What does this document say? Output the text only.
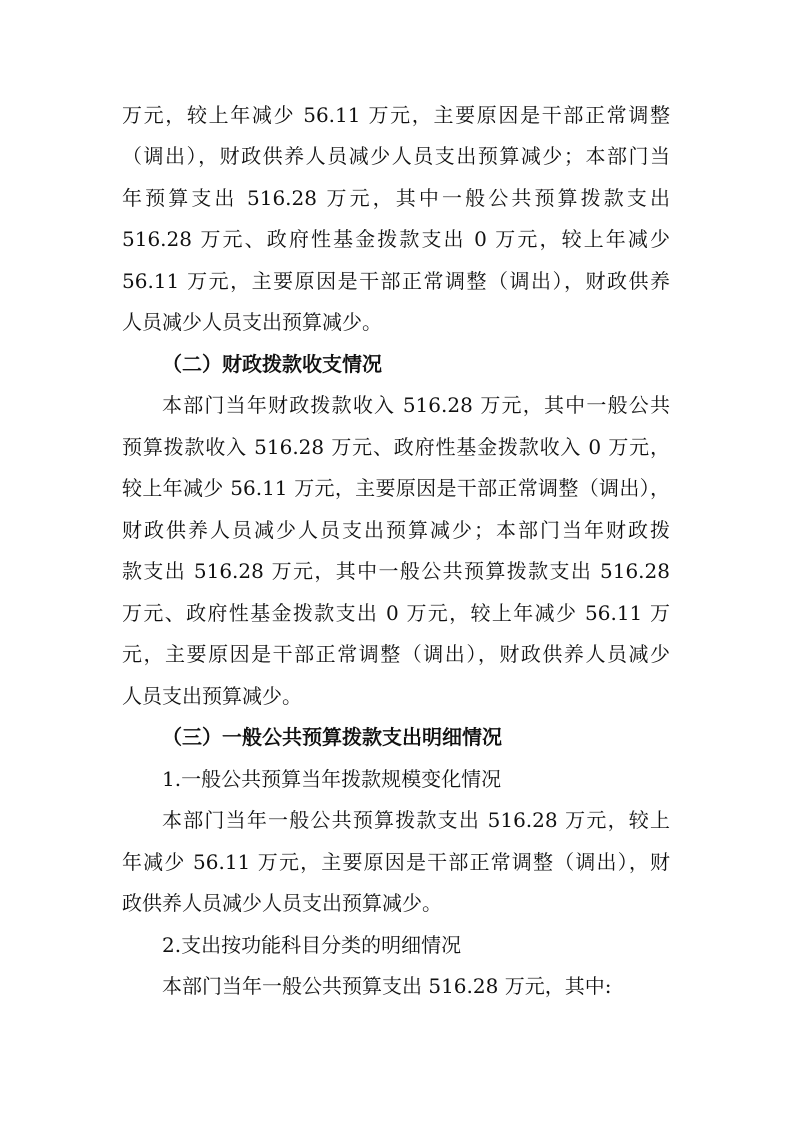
万元，较上年减少 56.11 万元，主要原因是干部正常调整
（调出），财政供养人员减少人员支出预算减少；本部门当
年预算支出 516.28 万元，其中一般公共预算拨款支出
516.28 万元、政府性基金拨款支出 0 万元，较上年减少
56.11 万元，主要原因是干部正常调整（调出），财政供养
人员减少人员支出预算减少。
（二）财政拨款收支情况
本部门当年财政拨款收入 516.28 万元，其中一般公共
预算拨款收入 516.28 万元、政府性基金拨款收入 0 万元，
较上年减少 56.11 万元，主要原因是干部正常调整（调出），
财政供养人员减少人员支出预算减少；本部门当年财政拨
款支出 516.28 万元，其中一般公共预算拨款支出 516.28
万元、政府性基金拨款支出 0 万元，较上年减少 56.11 万
元，主要原因是干部正常调整（调出），财政供养人员减少
人员支出预算减少。
（三）一般公共预算拨款支出明细情况
1.一般公共预算当年拨款规模变化情况
本部门当年一般公共预算拨款支出 516.28 万元，较上
年减少 56.11 万元，主要原因是干部正常调整（调出），财
政供养人员减少人员支出预算减少。
2.支出按功能科目分类的明细情况
本部门当年一般公共预算支出 516.28 万元，其中:
